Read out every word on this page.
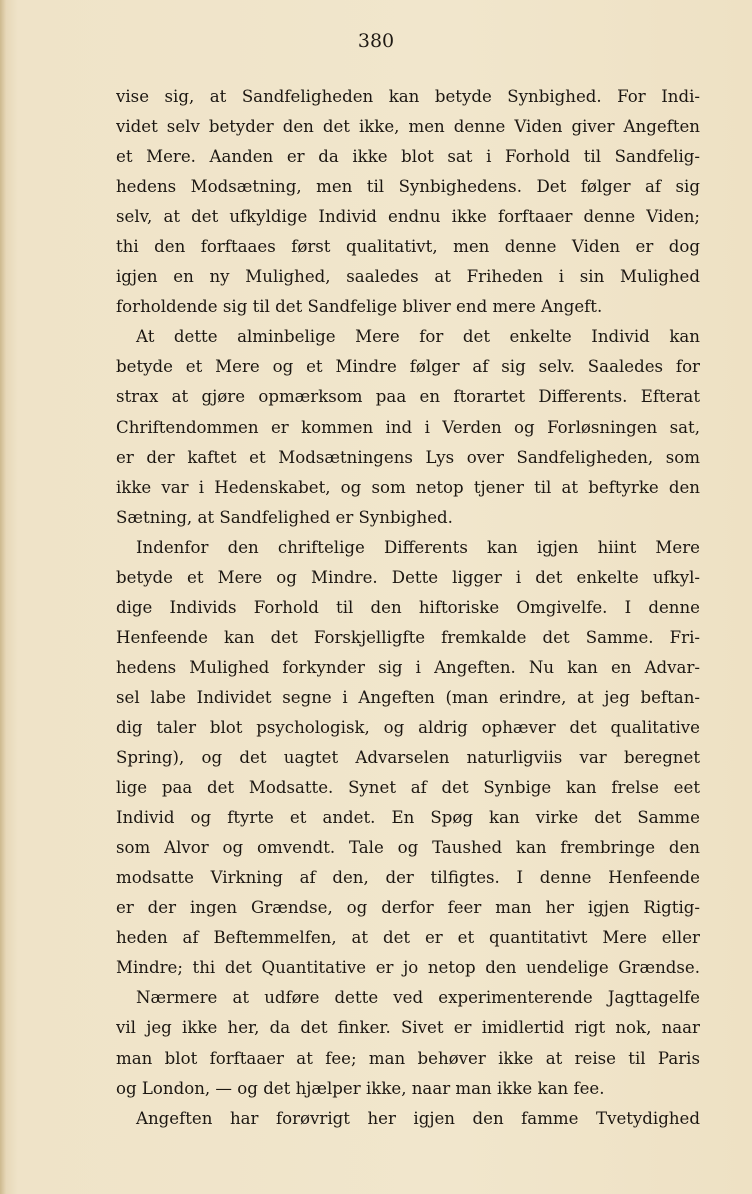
380
vise sig, at Sandfeligheden kan betyde Synbighed. For Indi-
videt selv betyder den det ikke, men denne Viden giver Angeften
et Mere. Aanden er da ikke blot sat i Forhold til Sandfelig-
hedens Modsætning, men til Synbighedens. Det følger af sig
selv, at det ufkyldige Individ endnu ikke forftaaer denne Viden;
thi den forftaaes først qualitativt, men denne Viden er dog
igjen en ny Mulighed, saaledes at Friheden i sin Mulighed
forholdende sig til det Sandfelige bliver end mere Angeft.
At dette alminbelige Mere for det enkelte Individ kan
betyde et Mere og et Mindre følger af sig selv. Saaledes for
strax at gjøre opmærksom paa en ftorartet Differents. Efterat
Chriftendommen er kommen ind i Verden og Forløsningen sat,
er der kaftet et Modsætningens Lys over Sandfeligheden, som
ikke var i Hedenskabet, og som netop tjener til at beftyrke den
Sætning, at Sandfelighed er Synbighed.
Indenfor den chriftelige Differents kan igjen hiint Mere
betyde et Mere og Mindre. Dette ligger i det enkelte ufkyl-
dige Individs Forhold til den hiftoriske Omgivelfe. I denne
Henfeende kan det Forskjelligfte fremkalde det Samme. Fri-
hedens Mulighed forkynder sig i Angeften. Nu kan en Advar-
sel labe Individet segne i Angeften (man erindre, at jeg beftan-
dig taler blot psychologisk, og aldrig ophæver det qualitative
Spring), og det uagtet Advarselen naturligviis var beregnet
lige paa det Modsatte. Synet af det Synbige kan frelse eet
Individ og ftyrte et andet. En Spøg kan virke det Samme
som Alvor og omvendt. Tale og Taushed kan frembringe den
modsatte Virkning af den, der tilfigtes. I denne Henfeende
er der ingen Grændse, og derfor feer man her igjen Rigtig-
heden af Beftemmelfen, at det er et quantitativt Mere eller
Mindre; thi det Quantitative er jo netop den uendelige Grændse.
Nærmere at udføre dette ved experimenterende Jagttagelfe
vil jeg ikke her, da det finker. Sivet er imidlertid rigt nok, naar
man blot forftaaer at fee; man behøver ikke at reise til Paris
og London, — og det hjælper ikke, naar man ikke kan fee.
Angeften har forøvrigt her igjen den famme Tvetydighed
